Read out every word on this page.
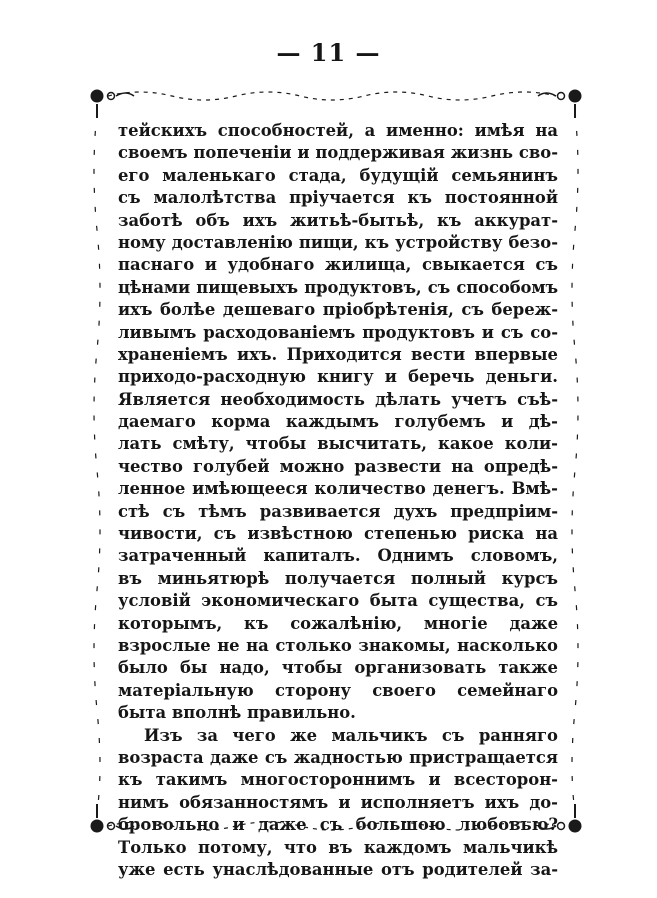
— 11 —
тейскихъ способностей, а именно: имѣя на
своемъ попеченіи и поддерживая жизнь сво-
его маленькаго стада, будущій семьянинъ
съ малолѣтства пріучается къ постоянной
заботѣ объ ихъ житьѣ-бытьѣ, къ аккурат-
ному доставленію пищи, къ устройству безо-
паснаго и удобнаго жилища, свыкается съ
цѣнами пищевыхъ продуктовъ, съ способомъ
ихъ болѣе дешеваго пріобрѣтенія, съ береж-
ливымъ расходованіемъ продуктовъ и съ со-
храненіемъ ихъ. Приходится вести впервые
приходо-расходную книгу и беречь деньги.
Является необходимость дѣлать учетъ съѣ-
даемаго корма каждымъ голубемъ и дѣ-
лать смѣту, чтобы высчитать, какое коли-
чество голубей можно развести на опредѣ-
ленное имѣющееся количество денегъ. Вмѣ-
стѣ съ тѣмъ развивается духъ предпріим-
чивости, съ извѣстною степенью риска на
затраченный капиталъ. Однимъ словомъ,
въ миньятюрѣ получается полный курсъ
условій экономическаго быта существа, съ
которымъ, къ сожалѣнію, многіе даже
взрослые не на столько знакомы, насколько
было бы надо, чтобы организовать также
матеріальную сторону своего семейнаго
быта вполнѣ правильно.
Изъ за чего же мальчикъ съ ранняго
возраста даже съ жадностью пристращается
къ такимъ многостороннимъ и всесторон-
нимъ обязанностямъ и исполняетъ ихъ до-
бровольно и даже съ большою любовью?
Только потому, что въ каждомъ мальчикѣ
уже есть унаслѣдованные отъ родителей за-
